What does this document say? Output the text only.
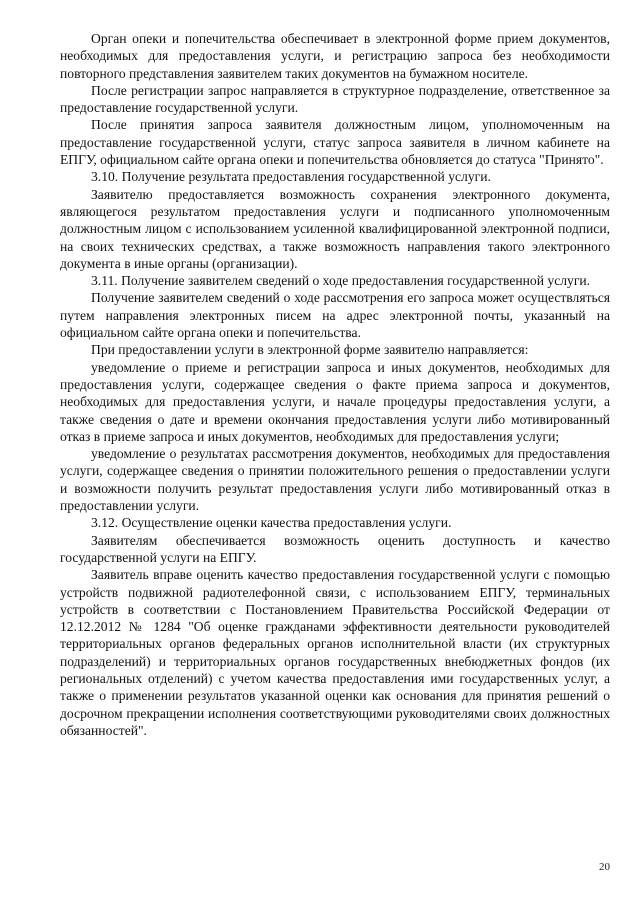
Орган опеки и попечительства обеспечивает в электронной форме прием документов, необходимых для предоставления услуги, и регистрацию запроса без необходимости повторного представления заявителем таких документов на бумажном носителе.

После регистрации запрос направляется в структурное подразделение, ответственное за предоставление государственной услуги.

После принятия запроса заявителя должностным лицом, уполномоченным на предоставление государственной услуги, статус запроса заявителя в личном кабинете на ЕПГУ, официальном сайте органа опеки и попечительства обновляется до статуса "Принято".

3.10. Получение результата предоставления государственной услуги.

Заявителю предоставляется возможность сохранения электронного документа, являющегося результатом предоставления услуги и подписанного уполномоченным должностным лицом с использованием усиленной квалифицированной электронной подписи, на своих технических средствах, а также возможность направления такого электронного документа в иные органы (организации).

3.11. Получение заявителем сведений о ходе предоставления государственной услуги.

Получение заявителем сведений о ходе рассмотрения его запроса может осуществляться путем направления электронных писем на адрес электронной почты, указанный на официальном сайте органа опеки и попечительства.

При предоставлении услуги в электронной форме заявителю направляется:

уведомление о приеме и регистрации запроса и иных документов, необходимых для предоставления услуги, содержащее сведения о факте приема запроса и документов, необходимых для предоставления услуги, и начале процедуры предоставления услуги, а также сведения о дате и времени окончания предоставления услуги либо мотивированный отказ в приеме запроса и иных документов, необходимых для предоставления услуги;

уведомление о результатах рассмотрения документов, необходимых для предоставления услуги, содержащее сведения о принятии положительного решения о предоставлении услуги и возможности получить результат предоставления услуги либо мотивированный отказ в предоставлении услуги.

3.12. Осуществление оценки качества предоставления услуги.

Заявителям обеспечивается возможность оценить доступность и качество государственной услуги на ЕПГУ.

Заявитель вправе оценить качество предоставления государственной услуги с помощью устройств подвижной радиотелефонной связи, с использованием ЕПГУ, терминальных устройств в соответствии с Постановлением Правительства Российской Федерации от 12.12.2012 № 1284 "Об оценке гражданами эффективности деятельности руководителей территориальных органов федеральных органов исполнительной власти (их структурных подразделений) и территориальных органов государственных внебюджетных фондов (их региональных отделений) с учетом качества предоставления ими государственных услуг, а также о применении результатов указанной оценки как основания для принятия решений о досрочном прекращении исполнения соответствующими руководителями своих должностных обязанностей".

20
